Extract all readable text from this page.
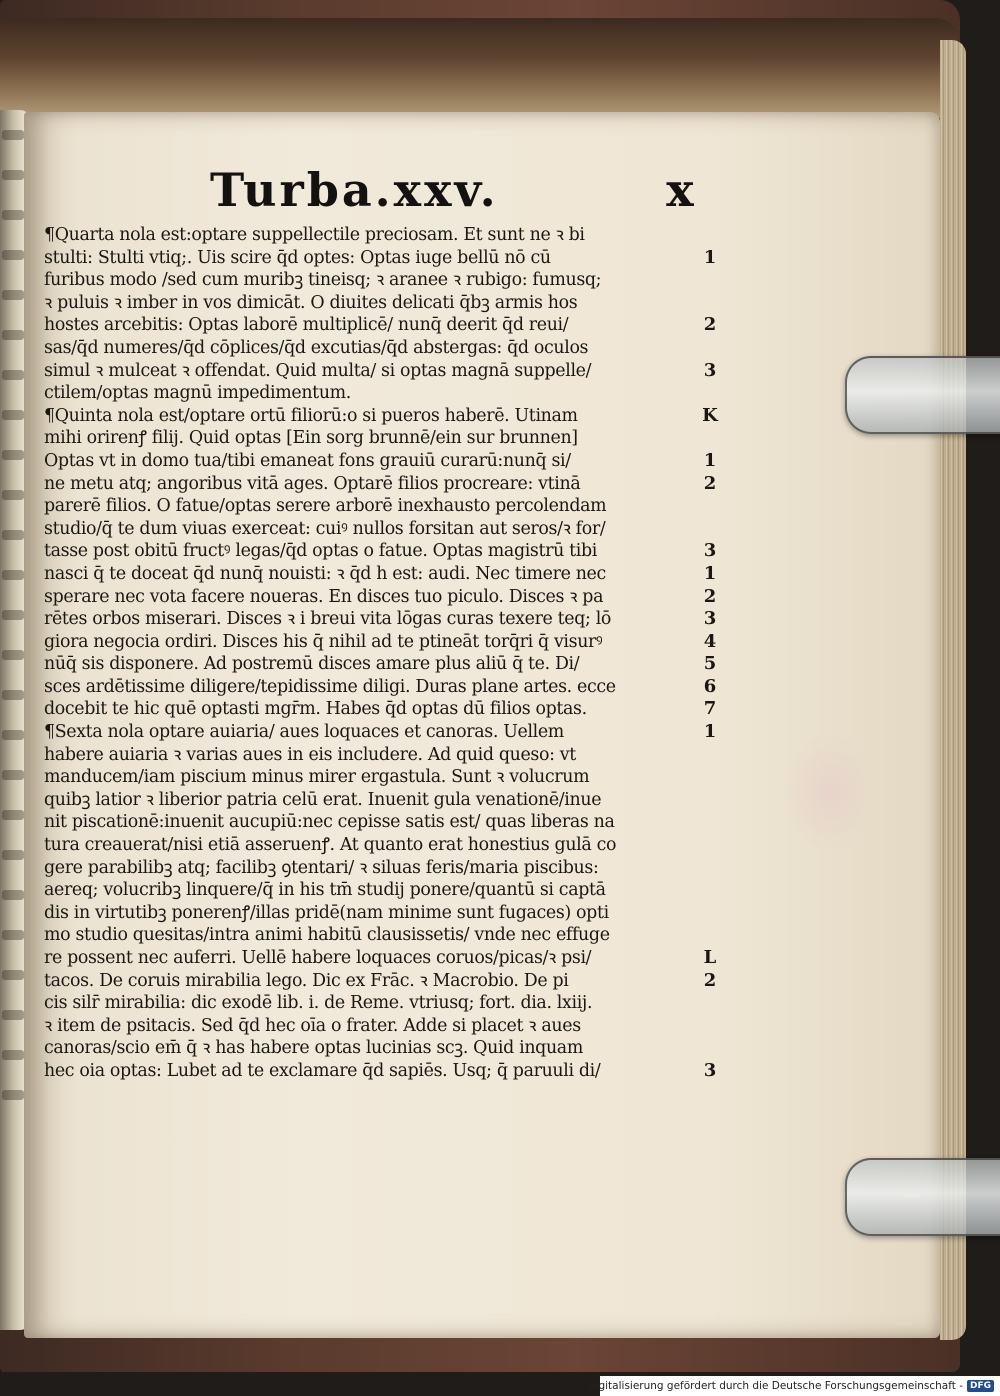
Turba.xxv.	x
¶Quarta nola est:optare suppellectile preciosam. Et sunt ne ꝛ bi
stulti: Stulti vtiq;. Uis scire q̄d optes: Optas iuge bellū nō cū
furibus modo /sed cum muribꝫ tineisq; ꝛ aranee ꝛ rubigo: fumusq;
ꝛ puluis ꝛ imber in vos dimicāt. O diuites delicati q̄bꝫ armis hos
hostes arcebitis: Optas laborē multiplicē/ nunq̄ deerit q̄d reui/
sas/q̄d numeres/q̄d cōplices/q̄d excutias/q̄d abstergas: q̄d oculos
simul ꝛ mulceat ꝛ offendat. Quid multa/ si optas magnā suppelle/
ctilem/optas magnū impedimentum.
¶Quinta nola est/optare ortū filiorū:o si pueros haberē. Utinam
mihi orirenꝭ filij. Quid optas [Ein sorg brunnē/ein sur brunnen]
Optas vt in domo tua/tibi emaneat fons grauiū curarū:nunq̄ si/
ne metu atq; angoribus vitā ages. Optarē filios procreare: vtinā
parerē filios. O fatue/optas serere arborē inexhausto percolendam
studio/q̄ te dum viuas exerceat: cuiꝰ nullos forsitan aut seros/ꝛ for/
tasse post obitū fructꝰ legas/q̄d optas o fatue. Optas magistrū tibi
nasci q̄ te doceat q̄d nunq̄ nouisti: ꝛ q̄d h̄ est: audi. Nec timere nec
sperare nec vota facere noueras. En disces tuo piculo. Disces ꝛ pa
rētes orbos miserari. Disces ꝛ i breui vita lōgas curas texere teq; lō
giora negocia ordiri. Disces his q̄ nihil ad te ptineāt torq̄ri q̄ visurꝰ
nūq̄ sis disponere. Ad postremū disces amare plus aliū q̄ te. Di/
sces ardētissime diligere/tepidissime diligi. Duras plane artes. ecce
docebit te hic quē optasti mgr̄m. Habes q̄d optas dū filios optas.
¶Sexta nola optare auiaria/ aues loquaces et canoras. Uellem
habere auiaria ꝛ varias aues in eis includere. Ad quid queso: vt
manducem/iam piscium minus mirer ergastula. Sunt ꝛ volucrum
quibꝫ latior ꝛ liberior patria celū erat. Inuenit gula venationē/inue
nit piscationē:inuenit aucupiū:nec cepisse satis est/ quas liberas na
tura creauerat/nisi etiā asseruenꝭ. At quanto erat honestius gulā co
gere parabilibꝫ atq; facilibꝫ ꝯtentari/ ꝛ siluas feris/maria piscibus:
aereq; volucribꝫ linquere/q̄ in his tm̄ studij ponere/quantū si captā
dis in virtutibꝫ ponerenꝭ/illas pridē(nam minime sunt fugaces) opti
mo studio quesitas/intra animi habitū clausissetis/ vnde nec effuge
re possent nec auferri. Uellē habere loquaces coruos/picas/ꝛ psi/
tacos. De coruis mirabilia lego. Dic ex Frāc. ꝛ Macrobio. De pi
cis silr̄ mirabilia: dic exodē lib. i. de Reme. vtriusq; fort. dia. lxiij.
ꝛ item de psitacis. Sed q̄d hec oīa o frater. Adde si placet ꝛ aues
canoras/scio em̄ q̄ ꝛ has habere optas lucinias scꝫ. Quid inquam
hec oia optas: Lubet ad te exclamare q̄d sapiēs. Usq; q̄ paruuli di/
1
2
3
K
1
2
3
1
2
3
4
5
6
7
1
L
2
3
Digitalisierung gefördert durch die Deutsche Forschungsgemeinschaft - DFG
